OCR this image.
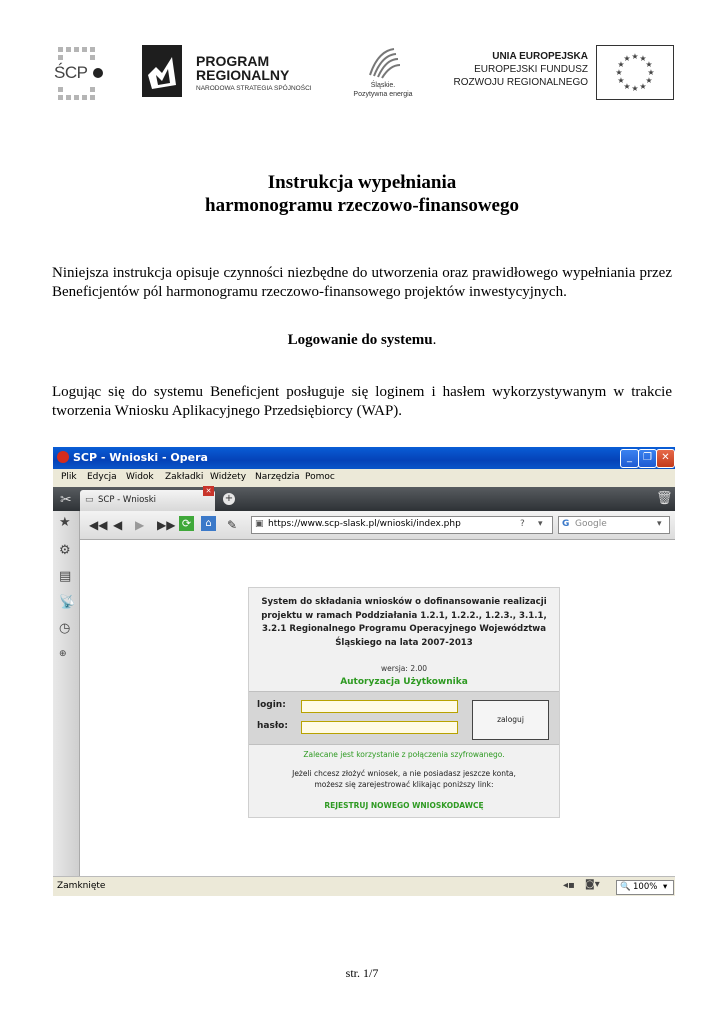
ŚCP
PROGRAM
REGIONALNY
NARODOWA STRATEGIA SPÓJNOŚCI	Śląskie.
Pozytywna energia
UNIA EUROPEJSKA
EUROPEJSKI FUNDUSZ
ROZWOJU REGIONALNEGO
★ ★
★
★
★
★
★
★
★
★
★
★
Instrukcja wypełniania
harmonogramu rzeczowo-finansowego
Niniejsza instrukcja opisuje czynności niezbędne do utworzenia oraz prawidłowego wypełniania przez Beneficjentów pól harmonogramu rzeczowo-finansowego projektów inwestycyjnych.
Logowanie do systemu.
Logując się do systemu Beneficjent posługuje się loginem i hasłem wykorzystywanym w trakcie tworzenia Wniosku Aplikacyjnego Przedsiębiorcy (WAP).
SCP - Wnioski - Opera	_	❐ ✕
Plik Edycja Widok Zakładki Widżety Narzędzia Pomoc
✂ ▭ SCP - Wnioski
✕
+	🗑
◀◀ ◀ ▶ ▶▶ ⟳	⌂	✎ ▣ https://www.scp-slask.pl/wnioski/index.php	? ▾ G Google	▾
★
⚙
▤
📡
◷
⊕
System do składania wniosków o dofinansowanie realizacji projektu w ramach Poddziałania 1.2.1, 1.2.2., 1.2.3., 3.1.1, 3.2.1 Regionalnego Programu Operacyjnego Województwa Śląskiego na lata 2007-2013
wersja: 2.00
Autoryzacja Użytkownika
login:
hasło:
zaloguj
Zalecane jest korzystanie z połączenia szyfrowanego.
Jeżeli chcesz złożyć wniosek, a nie posiadasz jeszcze konta,
możesz się zarejestrować klikając poniższy link:
REJESTRUJ NOWEGO WNIOSKODAWCĘ
Zamknięte	◂▪ ◙▾ 🔍 100% ▾
str. 1/7
